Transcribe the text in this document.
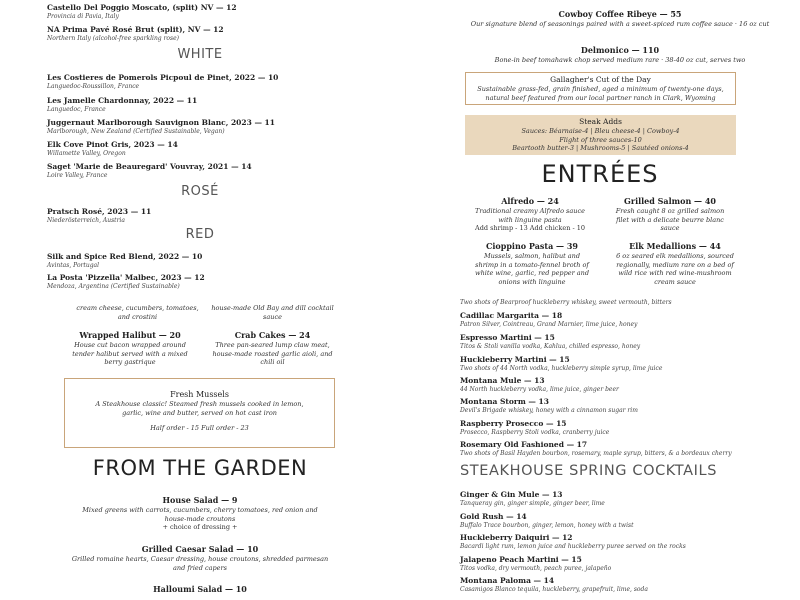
Castello Del Poggio Moscato, (split) NV — 12
Provincia di Pavia, Italy
NA Prima Pavé Rosé Brut (split), NV — 12
Northern Italy (alcohol-free sparkling rose)
WHITE
Les Costieres de Pomerols Picpoul de Pinet, 2022 — 10
Languedoc-Roussillon, France
Les Jamelle Chardonnay, 2022 — 11
Languedoc, France
Juggernaut Marlborough Sauvignon Blanc, 2023 — 11
Marlborough, New Zealand (Certified Sustainable, Vegan)
Elk Cove Pinot Gris, 2023 — 14
Willamette Valley, Oregon
Saget 'Marie de Beauregard' Vouvray, 2021 — 14
Loire Valley, France
ROSÉ
Pratsch Rosé, 2023 — 11
Niederösterreich, Austria
RED
Silk and Spice Red Blend, 2022 — 10
Avintas, Portugal
La Posta 'Pizzella' Malbec, 2023 — 12
Mendoza, Argentina (Certified Sustainable)
Cowboy Coffee Ribeye — 55
Our signature blend of seasonings paired with a sweet-spiced rum coffee sauce · 16 oz cut
Delmonico — 110
Bone-in beef tomahawk chop served medium rare · 38-40 oz cut, serves two
Gallagher's Cut of the Day
Sustainable grass-fed, grain finished, aged a minimum of twenty-one days, natural beef featured from our local partner ranch in Clark, Wyoming
Steak Adds
Sauces: Béarnaise-4 | Bleu cheese-4 | Cowboy-4
Flight of three sauces-10
Beartooth butter-3 | Mushrooms-5 | Sautéed onions-4
ENTRÉES
Alfredo — 24
Traditional creamy Alfredo sauce with linguine pasta
Add shrimp - 13 Add chicken - 10
Grilled Salmon — 40
Fresh caught 8 oz grilled salmon filet with a delicate beurre blanc sauce
Cioppino Pasta — 39
Mussels, salmon, halibut and shrimp in a tomato-fennel broth of white wine, garlic, red pepper and onions with linguine
Elk Medallions — 44
6 oz seared elk medallions, sourced regionally, medium rare on a bed of wild rice with red wine-mushroom cream sauce
cream cheese, cucumbers, tomatoes, and crostini
house-made Old Bay and dill cocktail sauce
Wrapped Halibut — 20
House cut bacon wrapped around tender halibut served with a mixed berry gastrique
Crab Cakes — 24
Three pan-seared lump claw meat, house-made roasted garlic aioli, and chili oil
Fresh Mussels
A Steakhouse classic! Steamed fresh mussels cooked in lemon, garlic, wine and butter, served on hot cast iron
Half order - 15 Full order - 23
FROM THE GARDEN
House Salad — 9
Mixed greens with carrots, cucumbers, cherry tomatoes, red onion and house-made croutons
+ choice of dressing +
Grilled Caesar Salad — 10
Grilled romaine hearts, Caesar dressing, house croutons, shredded parmesan and fried capers
Halloumi Salad — 10
Two shots of Bearproof huckleberry whiskey, sweet vermouth, bitters
Cadillac Margarita — 18
Patron Silver, Cointreau, Grand Marnier, lime juice, honey
Espresso Martini — 15
Titos & Stoli vanilla vodka, Kahlua, chilled espresso, honey
Huckleberry Martini — 15
Two shots of 44 North vodka, huckleberry simple syrup, lime juice
Montana Mule — 13
44 North huckleberry vodka, lime juice, ginger beer
Montana Storm — 13
Devil's Brigade whiskey, honey with a cinnamon sugar rim
Raspberry Prosecco — 15
Prosecco, Raspberry Stoli vodka, cranberry juice
Rosemary Old Fashioned — 17
Two shots of Basil Hayden bourbon, rosemary, maple syrup, bitters, & a bordeaux cherry
STEAKHOUSE SPRING COCKTAILS
Ginger & Gin Mule — 13
Tanqueray gin, ginger simple, ginger beer, lime
Gold Rush — 14
Buffalo Trace bourbon, ginger, lemon, honey with a twist
Huckleberry Daiquiri — 12
Bacardi light rum, lemon juice and huckleberry puree served on the rocks
Jalapeno Peach Martini — 15
Titos vodka, dry vermouth, peach puree, jalapeño
Montana Paloma — 14
Casamigos Blanco tequila, huckleberry, grapefruit, lime, soda
